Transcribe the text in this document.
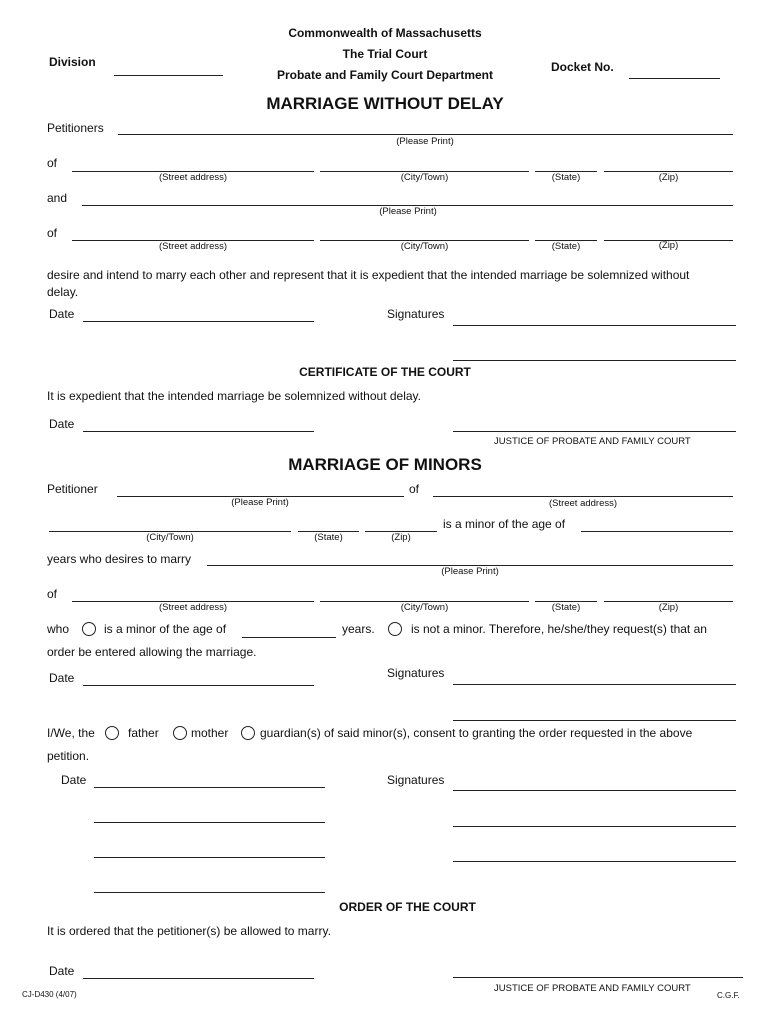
Commonwealth of Massachusetts
The Trial Court
Probate and Family Court Department
Division	Docket No.
MARRIAGE WITHOUT DELAY
Petitioners
(Please Print)
of
(Street address)	(City/Town)	(State)	(Zip)
and
(Please Print)
of
(Street address)	(City/Town)	(State)	(Zip)
desire and intend to marry each other and represent that it is expedient that the intended marriage be solemnized without
delay.
Date	Signatures
CERTIFICATE OF THE COURT
It is expedient that the intended marriage be solemnized without delay.
Date
JUSTICE OF PROBATE AND FAMILY COURT
MARRIAGE OF MINORS
Petitioner	of
(Please Print)	(Street address)
is a minor of the age of
(City/Town)	(State)	(Zip)
years who desires to marry
(Please Print)
of
(Street address)	(City/Town)	(State)	(Zip)
who	is a minor of the age of	years.	is not a minor. Therefore, he/she/they request(s) that an
order be entered allowing the marriage.
Date	Signatures
I/We, the	father	mother	guardian(s) of said minor(s), consent to granting the order requested in the above
petition.
Date	Signatures
ORDER OF THE COURT
It is ordered that the petitioner(s) be allowed to marry.
Date
JUSTICE OF PROBATE AND FAMILY COURT
CJ-D430 (4/07)	C.G.F.
